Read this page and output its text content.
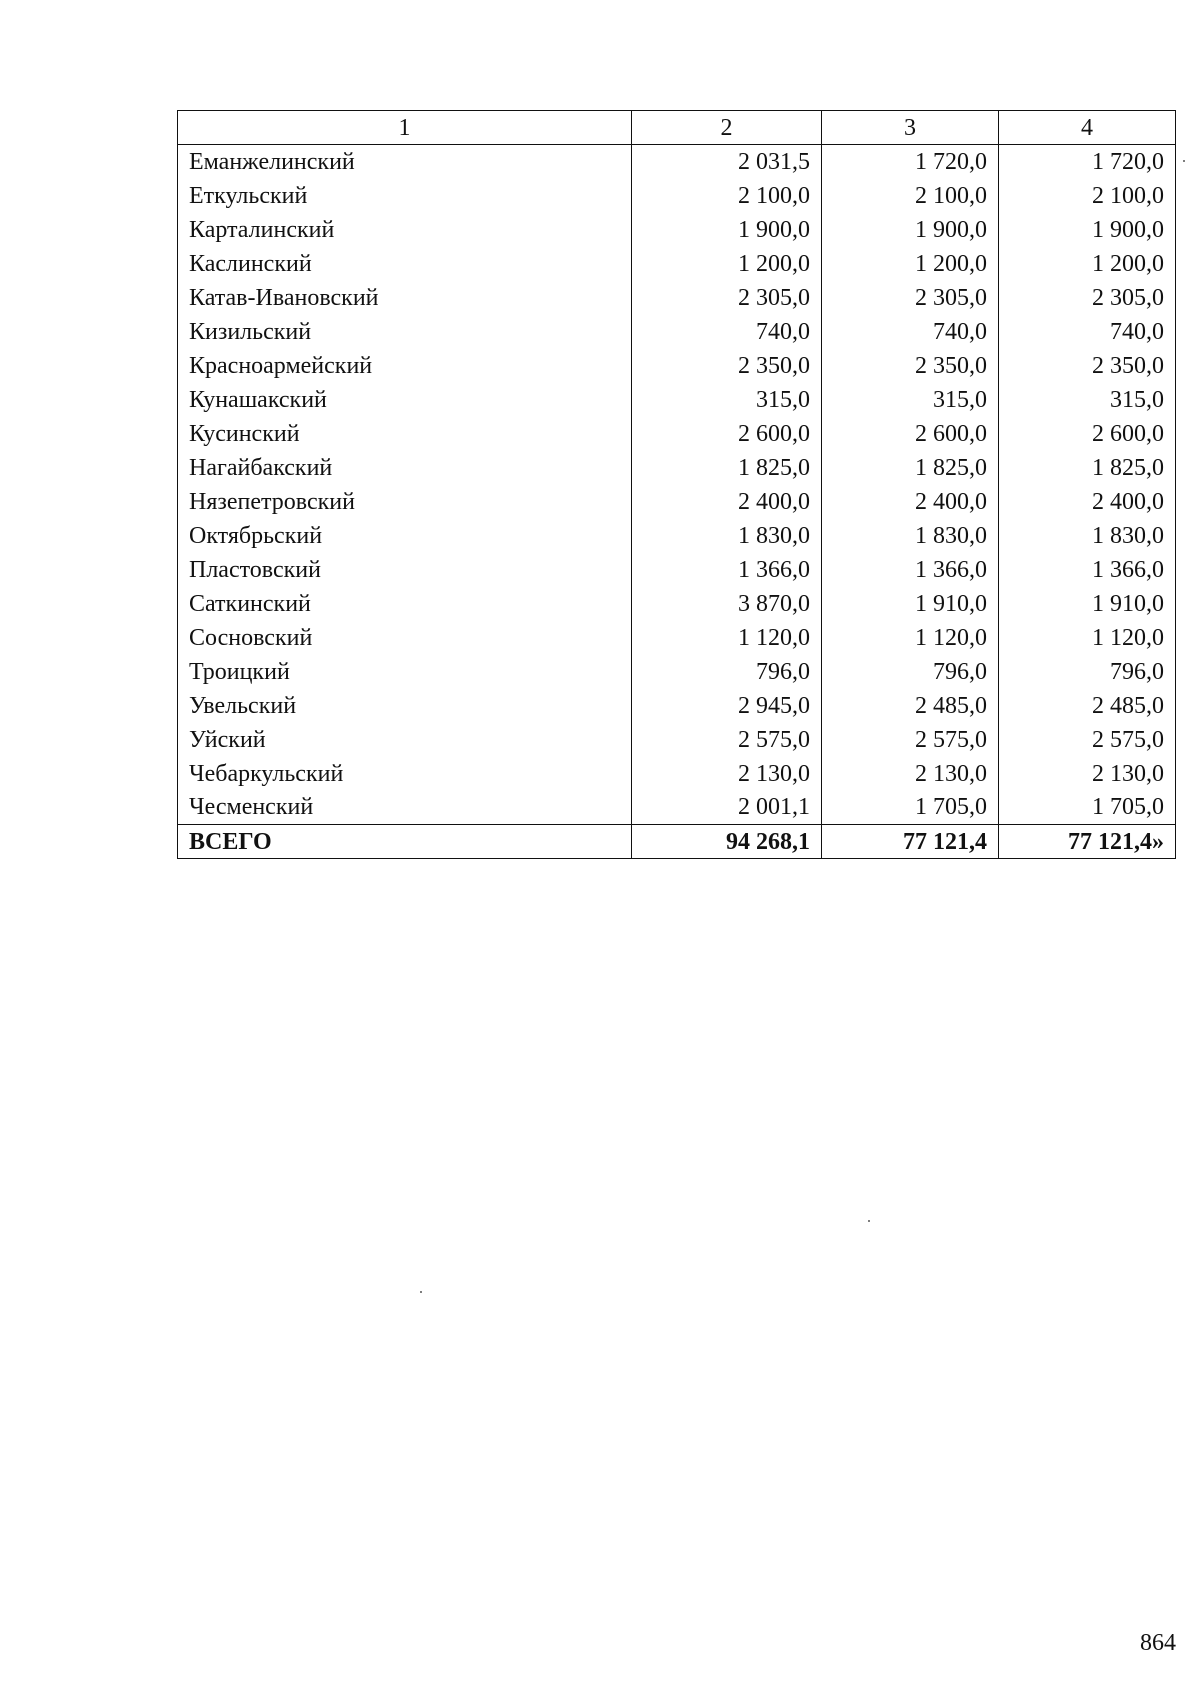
1	2	3	4
Еманжелинский	2 031,5	1 720,0	1 720,0
Еткульский	2 100,0	2 100,0	2 100,0
Карталинский	1 900,0	1 900,0	1 900,0
Каслинский	1 200,0	1 200,0	1 200,0
Катав-Ивановский	2 305,0	2 305,0	2 305,0
Кизильский	740,0	740,0	740,0
Красноармейский	2 350,0	2 350,0	2 350,0
Кунашакский	315,0	315,0	315,0
Кусинский	2 600,0	2 600,0	2 600,0
Нагайбакский	1 825,0	1 825,0	1 825,0
Нязепетровский	2 400,0	2 400,0	2 400,0
Октябрьский	1 830,0	1 830,0	1 830,0
Пластовский	1 366,0	1 366,0	1 366,0
Саткинский	3 870,0	1 910,0	1 910,0
Сосновский	1 120,0	1 120,0	1 120,0
Троицкий	796,0	796,0	796,0
Увельский	2 945,0	2 485,0	2 485,0
Уйский	2 575,0	2 575,0	2 575,0
Чебаркульский	2 130,0	2 130,0	2 130,0
Чесменский	2 001,1	1 705,0	1 705,0
ВСЕГО	94 268,1	77 121,4	77 121,4»
864
